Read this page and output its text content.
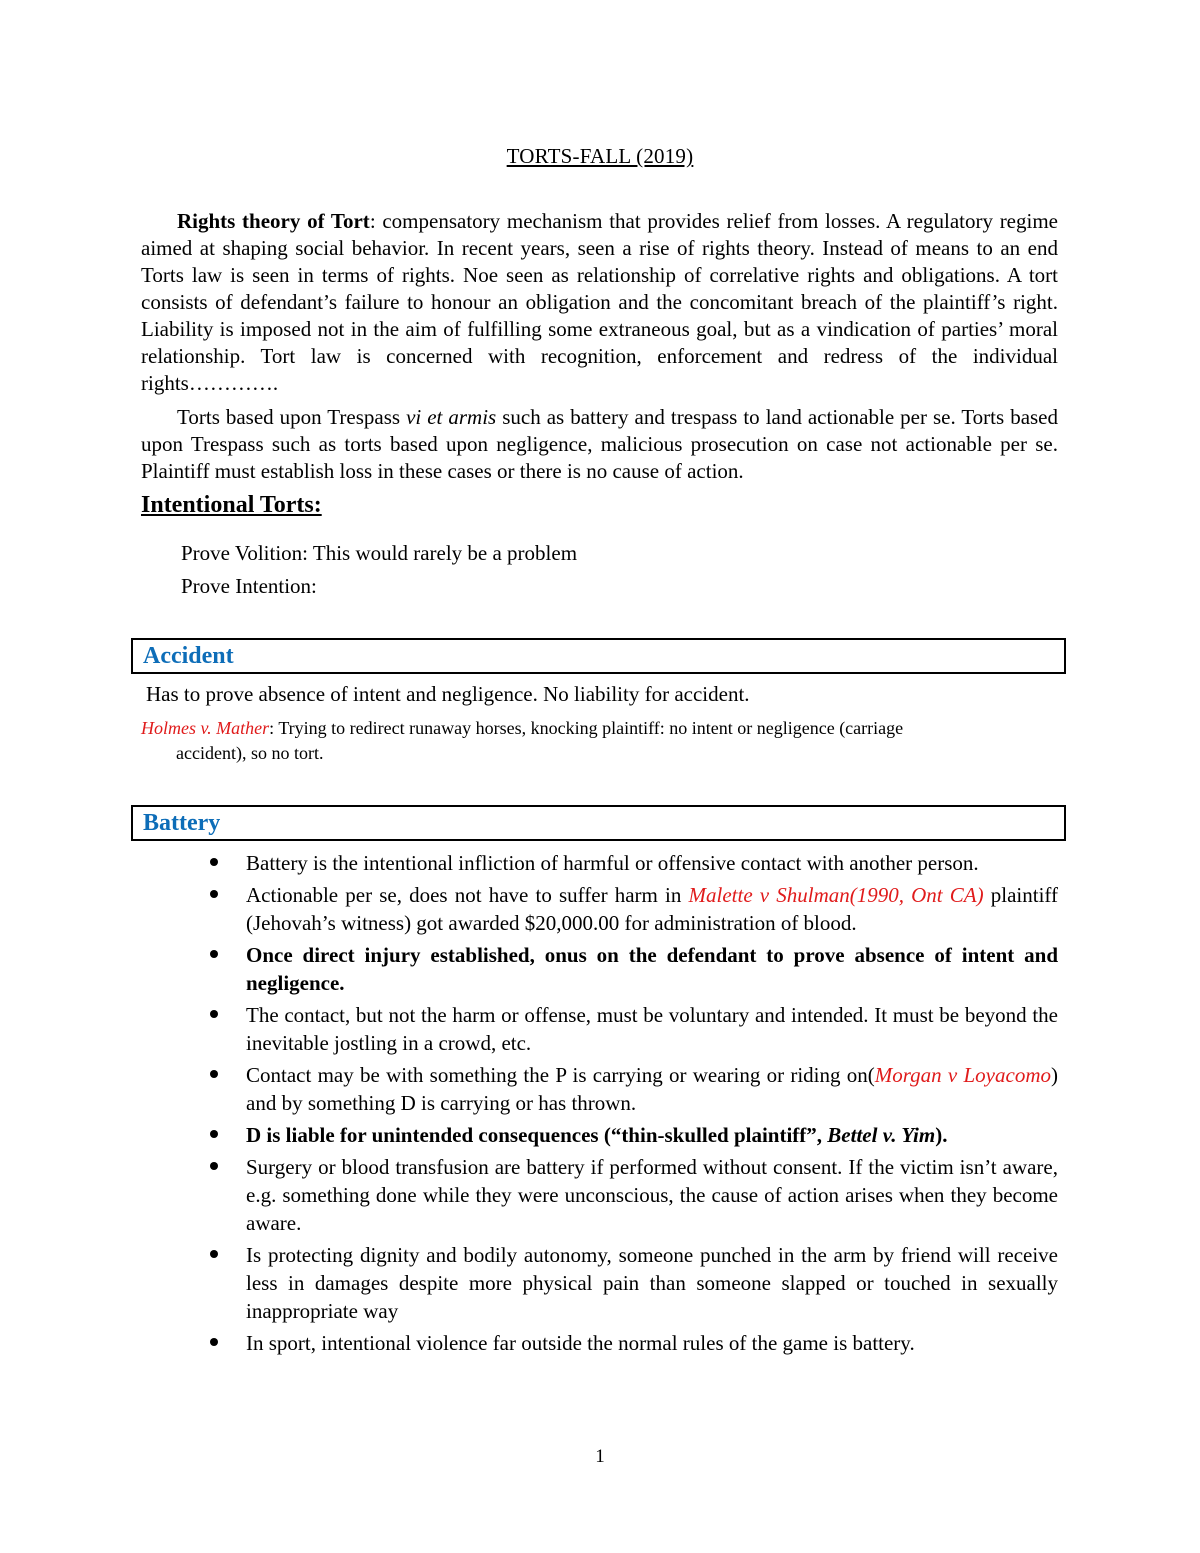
TORTS-FALL (2019)

Rights theory of Tort: compensatory mechanism that provides relief from losses. A regulatory regime aimed at shaping social behavior. In recent years, seen a rise of rights theory. Instead of means to an end Torts law is seen in terms of rights. Noe seen as relationship of correlative rights and obligations. A tort consists of defendant’s failure to honour an obligation and the concomitant breach of the plaintiff’s right. Liability is imposed not in the aim of fulfilling some extraneous goal, but as a vindication of parties’ moral relationship. Tort law is concerned with recognition, enforcement and redress of the individual rights………….

Torts based upon Trespass vi et armis such as battery and trespass to land actionable per se. Torts based upon Trespass such as torts based upon negligence, malicious prosecution on case not actionable per se. Plaintiff must establish loss in these cases or there is no cause of action.

Intentional Torts:
Prove Volition: This would rarely be a problem
Prove Intention:
Accident
Has to prove absence of intent and negligence. No liability for accident.

Holmes v. Mather: Trying to redirect runaway horses, knocking plaintiff: no intent or negligence (carriage
accident), so no tort.

Battery
Battery is the intentional infliction of harmful or offensive contact with another person.
Actionable per se, does not have to suffer harm in Malette v Shulman(1990, Ont CA) plaintiff (Jehovah’s witness) got awarded $20,000.00 for administration of blood.
Once direct injury established, onus on the defendant to prove absence of intent and negligence.
The contact, but not the harm or offense, must be voluntary and intended. It must be beyond the inevitable jostling in a crowd, etc.
Contact may be with something the P is carrying or wearing or riding on(Morgan v Loyacomo) and by something D is carrying or has thrown.
D is liable for unintended consequences (“thin-skulled plaintiff”, Bettel v. Yim).
Surgery or blood transfusion are battery if performed without consent. If the victim isn’t aware, e.g. something done while they were unconscious, the cause of action arises when they become aware.
Is protecting dignity and bodily autonomy, someone punched in the arm by friend will receive less in damages despite more physical pain than someone slapped or touched in sexually inappropriate way
In sport, intentional violence far outside the normal rules of the game is battery.
1
